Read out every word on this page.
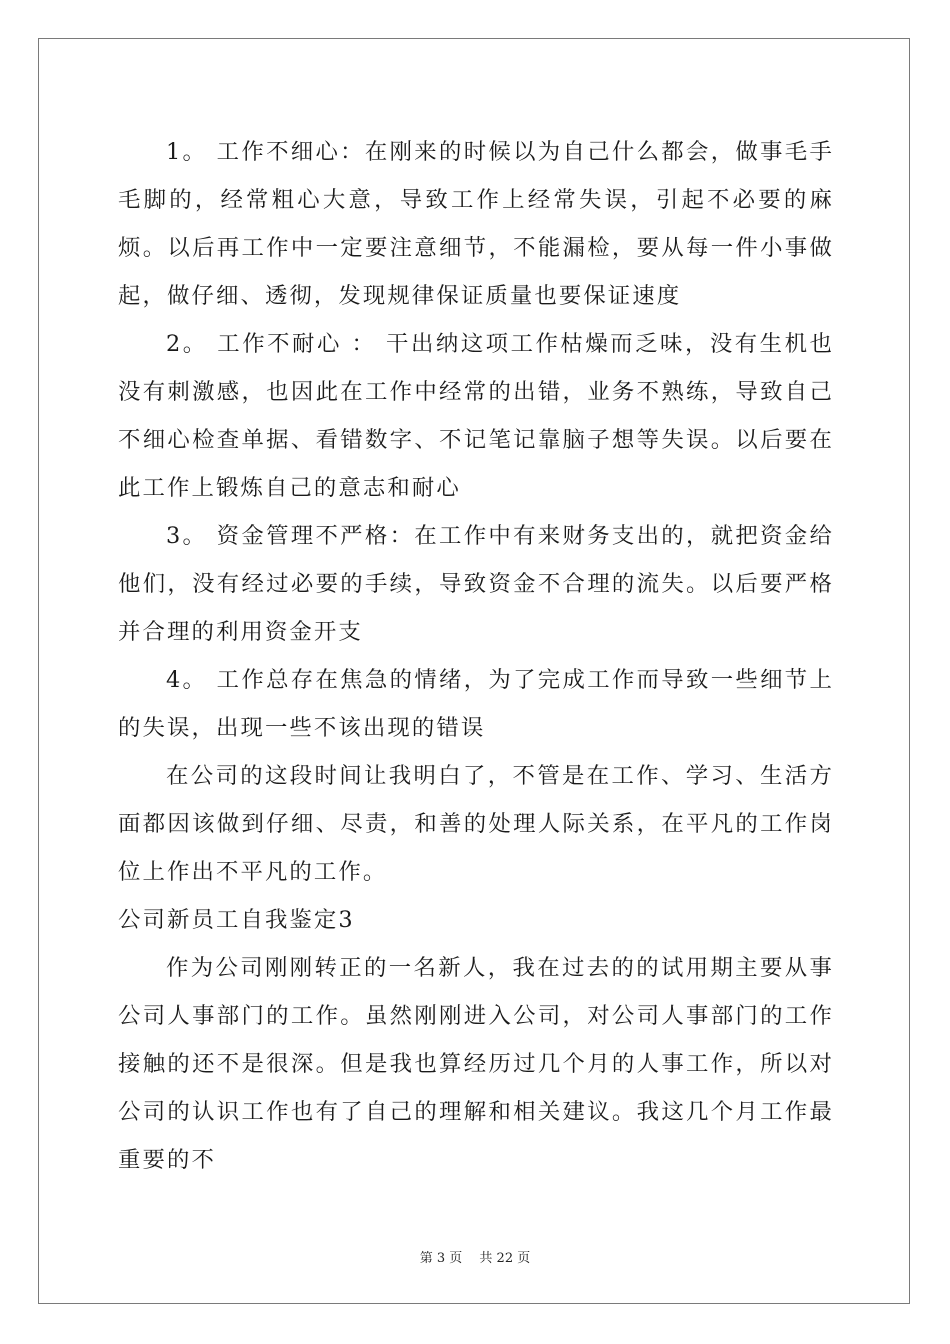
1。 工作不细心：在刚来的时候以为自己什么都会，做事毛手毛脚的，经常粗心大意，导致工作上经常失误，引起不必要的麻烦。以后再工作中一定要注意细节，不能漏检，要从每一件小事做起，做仔细、透彻，发现规律保证质量也要保证速度

2。 工作不耐心 ： 干出纳这项工作枯燥而乏味，没有生机也没有刺激感，也因此在工作中经常的出错，业务不熟练，导致自己不细心检查单据、看错数字、不记笔记靠脑子想等失误。以后要在此工作上锻炼自己的意志和耐心

3。 资金管理不严格：在工作中有来财务支出的，就把资金给他们，没有经过必要的手续，导致资金不合理的流失。以后要严格并合理的利用资金开支

4。 工作总存在焦急的情绪，为了完成工作而导致一些细节上的失误，出现一些不该出现的错误

在公司的这段时间让我明白了，不管是在工作、学习、生活方面都因该做到仔细、尽责，和善的处理人际关系，在平凡的工作岗位上作出不平凡的工作。

公司新员工自我鉴定3

作为公司刚刚转正的一名新人，我在过去的的试用期主要从事公司人事部门的工作。虽然刚刚进入公司，对公司人事部门的工作接触的还不是很深。但是我也算经历过几个月的人事工作，所以对公司的认识工作也有了自己的理解和相关建议。我这几个月工作最重要的不

第 3 页　 共 22 页
